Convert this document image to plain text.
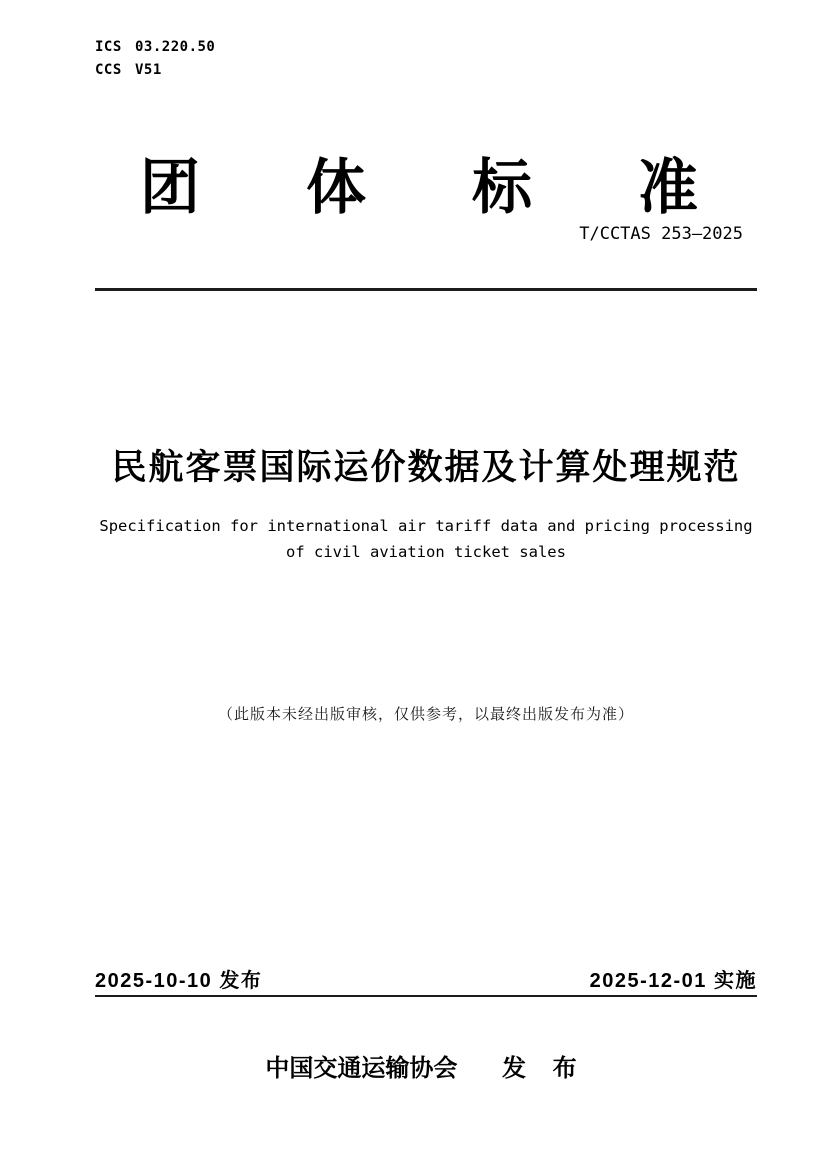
ICS 03.220.50
CCS V51
团 体 标 准
T/CCTAS 253—2025
民航客票国际运价数据及计算处理规范
Specification for international air tariff data and pricing processing
of civil aviation ticket sales
（此版本未经出版审核，仅供参考，以最终出版发布为准）
2025-10-10 发布	2025-12-01 实施
中国交通运输协会 发 布
